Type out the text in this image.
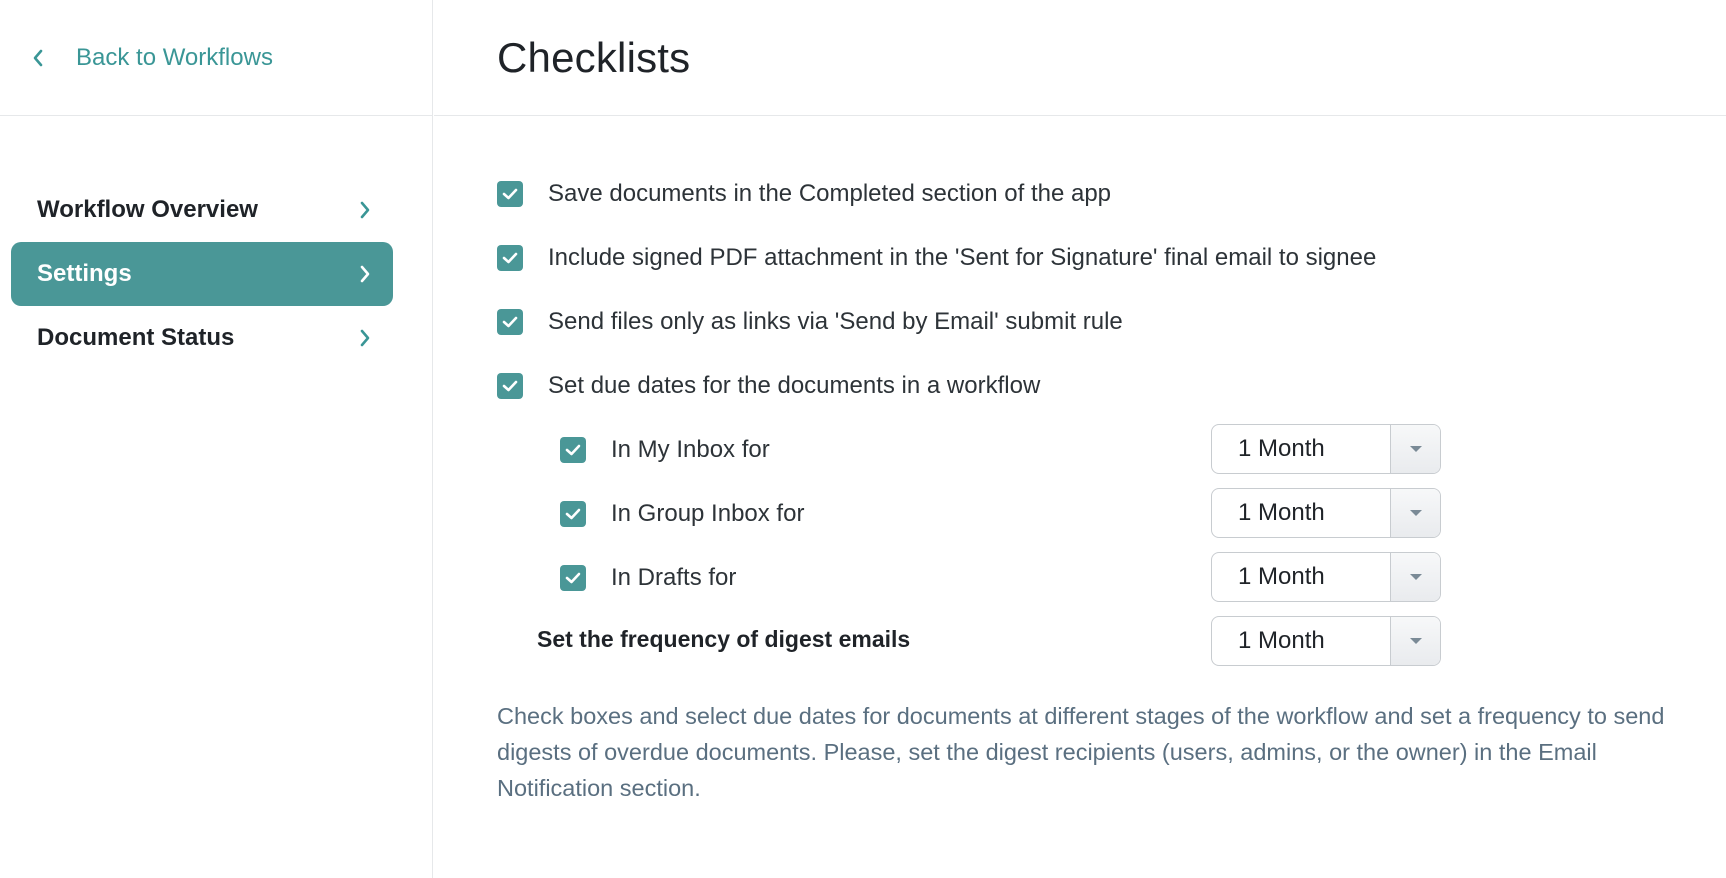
Back to Workflows
Workflow Overview
Settings
Document Status
Checklists
Save documents in the Completed section of the app
Include signed PDF attachment in the 'Sent for Signature' final email to signee
Send files only as links via 'Send by Email' submit rule
Set due dates for the documents in a workflow
In My Inbox for	1 Month
In Group Inbox for	1 Month
In Drafts for	1 Month
Set the frequency of digest emails	1 Month

Check boxes and select due dates for documents at different stages of the workflow and set a frequency to send digests of overdue documents. Please, set the digest recipients (users, admins, or the owner) in the Email Notification section.
